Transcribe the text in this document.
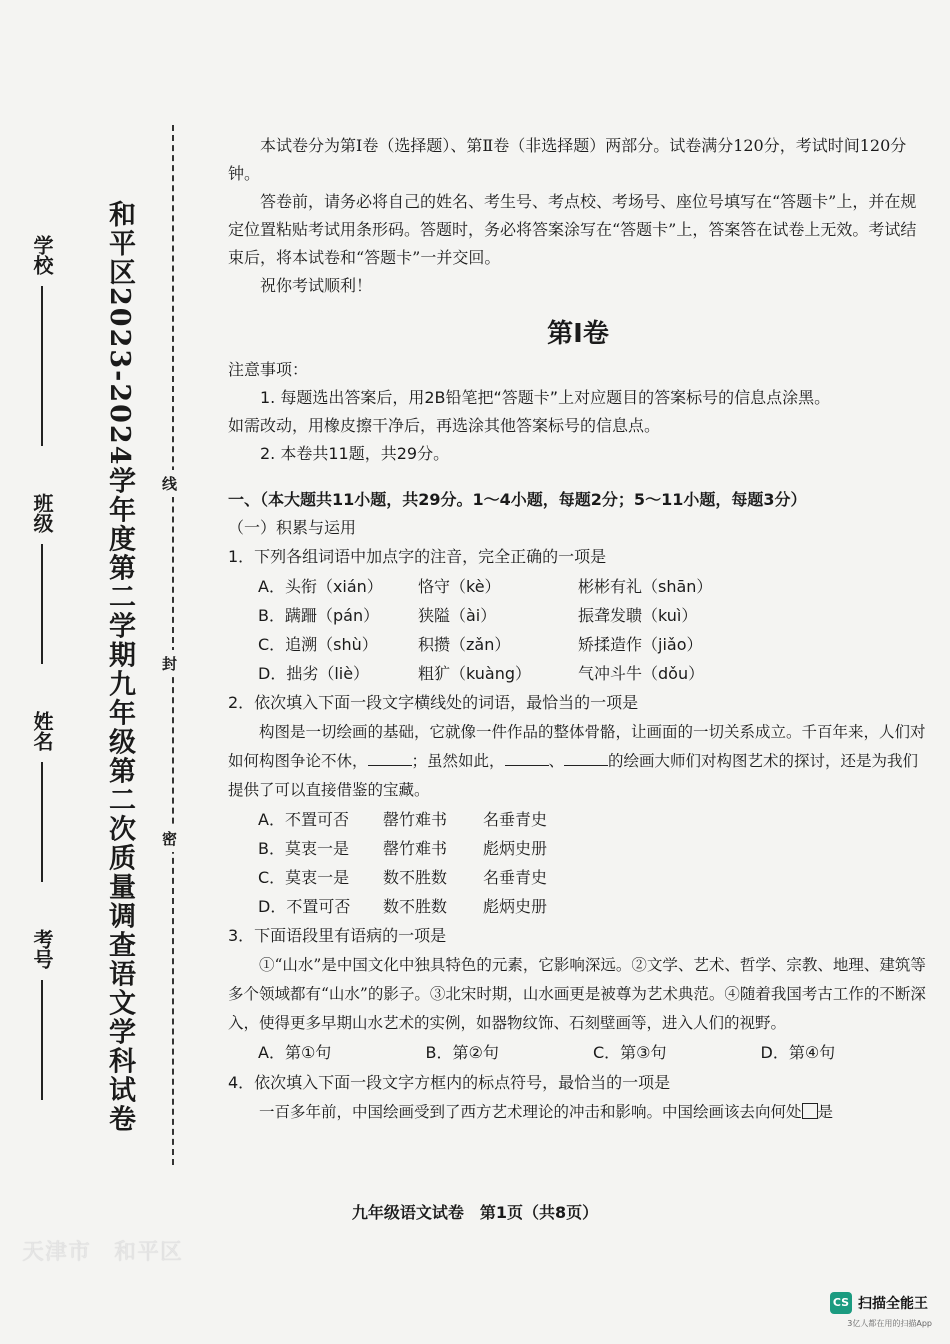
和平区2023-2024学年度第二学期九年级第二次质量调查语文学科试卷
学校  班级  姓名  考号
线
封
密

本试卷分为第Ⅰ卷（选择题）、第Ⅱ卷（非选择题）两部分。试卷满分120分，考试时间120分钟。

答卷前，请务必将自己的姓名、考生号、考点校、考场号、座位号填写在“答题卡”上，并在规定位置粘贴考试用条形码。答题时，务必将答案涂写在“答题卡”上，答案答在试卷上无效。考试结束后，将本试卷和“答题卡”一并交回。

祝你考试顺利！

第Ⅰ卷

注意事项：

1. 每题选出答案后，用2B铅笔把“答题卡”上对应题目的答案标号的信息点涂黑。

如需改动，用橡皮擦干净后，再选涂其他答案标号的信息点。

2. 本卷共11题，共29分。

一、（本大题共11小题，共29分。1～4小题，每题2分；5～11小题，每题3分）

（一）积累与运用

1．下列各组词语中加点字的注音，完全正确的一项是

A．头衔（xián）	恪守（kè）	彬彬有礼（shān）
B．蹒跚（pán）	狭隘（ài）	振聋发聩（kuì）
C．追溯（shù）	积攒（zǎn）	矫揉造作（jiǎo）
D．拙劣（liè）	粗犷（kuàng）	气冲斗牛（dǒu）

2．依次填入下面一段文字横线处的词语，最恰当的一项是

构图是一切绘画的基础，它就像一件作品的整体骨骼，让画面的一切关系成立。千百年来，人们对如何构图争论不休，	；虽然如此，	、	的绘画大师们对构图艺术的探讨，还是为我们提供了可以直接借鉴的宝藏。

A．不置可否	罄竹难书	名垂青史
B．莫衷一是	罄竹难书	彪炳史册
C．莫衷一是	数不胜数	名垂青史
D．不置可否	数不胜数	彪炳史册

3．下面语段里有语病的一项是

①“山水”是中国文化中独具特色的元素，它影响深远。②文学、艺术、哲学、宗教、地理、建筑等多个领域都有“山水”的影子。③北宋时期，山水画更是被尊为艺术典范。④随着我国考古工作的不断深入，使得更多早期山水艺术的实例，如器物纹饰、石刻壁画等，进入人们的视野。

A．第①句	B．第②句	C．第③句	D．第④句

4．依次填入下面一段文字方框内的标点符号，最恰当的一项是

一百多年前，中国绘画受到了西方艺术理论的冲击和影响。中国绘画该去向何处 是

九年级语文试卷　第1页（共8页）
天津市　和平区
CS 扫描全能王
3亿人都在用的扫描App
